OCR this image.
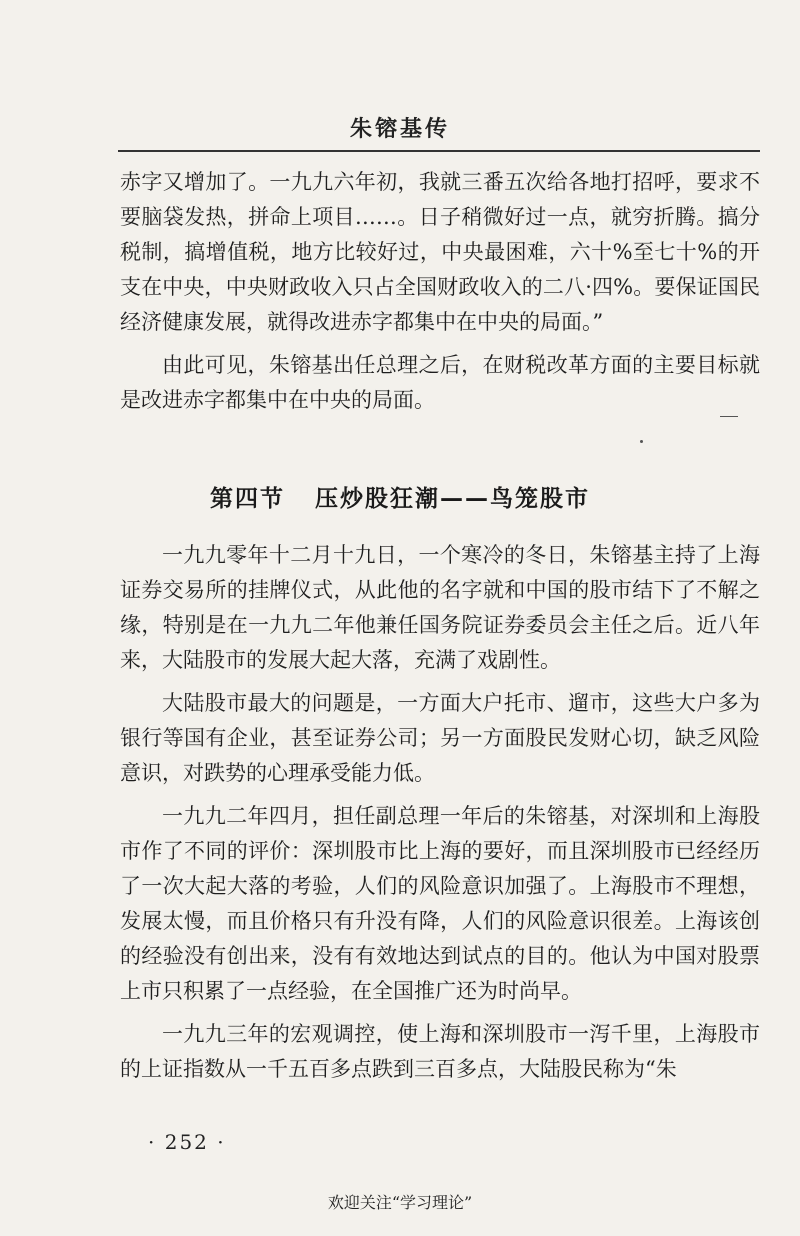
朱镕基传

赤字又增加了。一九九六年初，我就三番五次给各地打招呼，要求不要脑袋发热，拼命上项目……。日子稍微好过一点，就穷折腾。搞分税制，搞增值税，地方比较好过，中央最困难，六十%至七十%的开支在中央，中央财政收入只占全国财政收入的二八·四%。要保证国民经济健康发展，就得改进赤字都集中在中央的局面。”

由此可见，朱镕基出任总理之后，在财税改革方面的主要目标就是改进赤字都集中在中央的局面。

第四节 压炒股狂潮——鸟笼股市

一九九零年十二月十九日，一个寒冷的冬日，朱镕基主持了上海证券交易所的挂牌仪式，从此他的名字就和中国的股市结下了不解之缘，特别是在一九九二年他兼任国务院证券委员会主任之后。近八年来，大陆股市的发展大起大落，充满了戏剧性。

大陆股市最大的问题是，一方面大户托市、遛市，这些大户多为银行等国有企业，甚至证券公司；另一方面股民发财心切，缺乏风险意识，对跌势的心理承受能力低。

一九九二年四月，担任副总理一年后的朱镕基，对深圳和上海股市作了不同的评价：深圳股市比上海的要好，而且深圳股市已经经历了一次大起大落的考验，人们的风险意识加强了。上海股市不理想，发展太慢，而且价格只有升没有降，人们的风险意识很差。上海该创的经验没有创出来，没有有效地达到试点的目的。他认为中国对股票上市只积累了一点经验，在全国推广还为时尚早。

一九九三年的宏观调控，使上海和深圳股市一泻千里，上海股市的上证指数从一千五百多点跌到三百多点，大陆股民称为“朱

· 252 ·
欢迎关注“学习理论”
